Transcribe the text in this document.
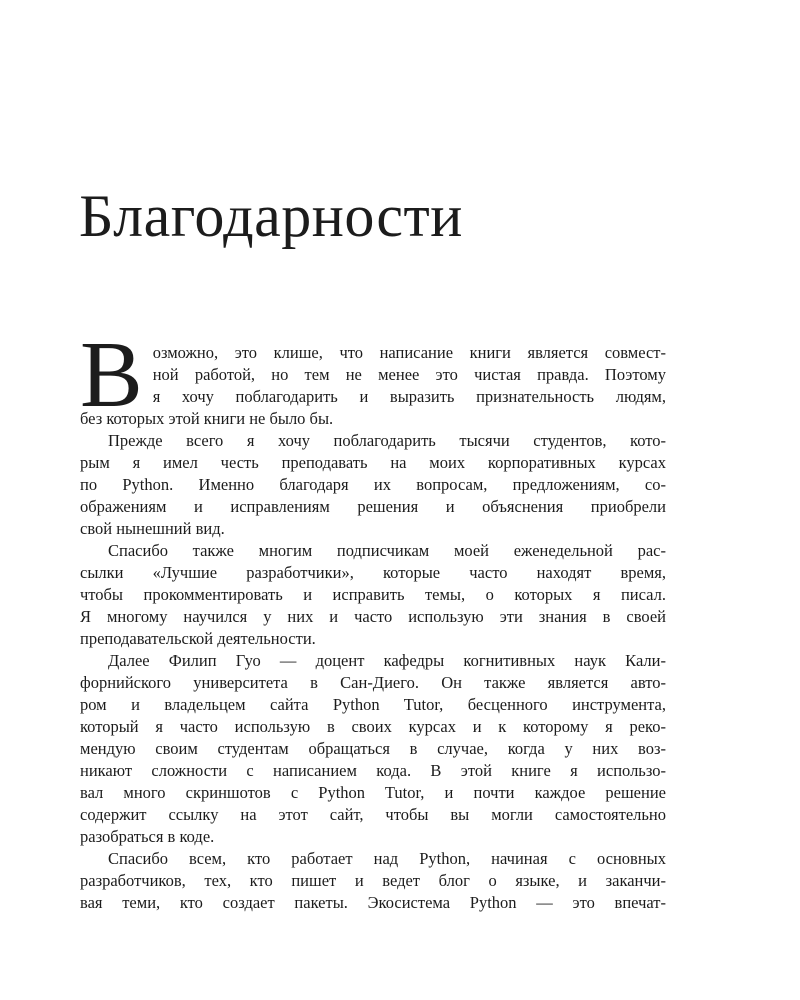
Благодарности
В озможно, это клише, что написание книги является совмест-
ной работой, но тем не менее это чистая правда. Поэтому
я хочу поблагодарить и выразить признательность людям,
без которых этой книги не было бы.
Прежде всего я хочу поблагодарить тысячи студентов, кото-
рым я имел честь преподавать на моих корпоративных курсах
по Python. Именно благодаря их вопросам, предложениям, со-
ображениям и исправлениям решения и объяснения приобрели
свой нынешний вид.
Спасибо также многим подписчикам моей еженедельной рас-
сылки «Лучшие разработчики», которые часто находят время,
чтобы прокомментировать и исправить темы, о которых я писал.
Я многому научился у них и часто использую эти знания в своей
преподавательской деятельности.
Далее Филип Гуо — доцент кафедры когнитивных наук Кали-
форнийского университета в Сан-Диего. Он также является авто-
ром и владельцем сайта Python Tutor, бесценного инструмента,
который я часто использую в своих курсах и к которому я реко-
мендую своим студентам обращаться в случае, когда у них воз-
никают сложности с написанием кода. В этой книге я использо-
вал много скриншотов с Python Tutor, и почти каждое решение
содержит ссылку на этот сайт, чтобы вы могли самостоятельно
разобраться в коде.
Спасибо всем, кто работает над Python, начиная с основных
разработчиков, тех, кто пишет и ведет блог о языке, и заканчи-
вая теми, кто создает пакеты. Экосистема Python — это впечат-
